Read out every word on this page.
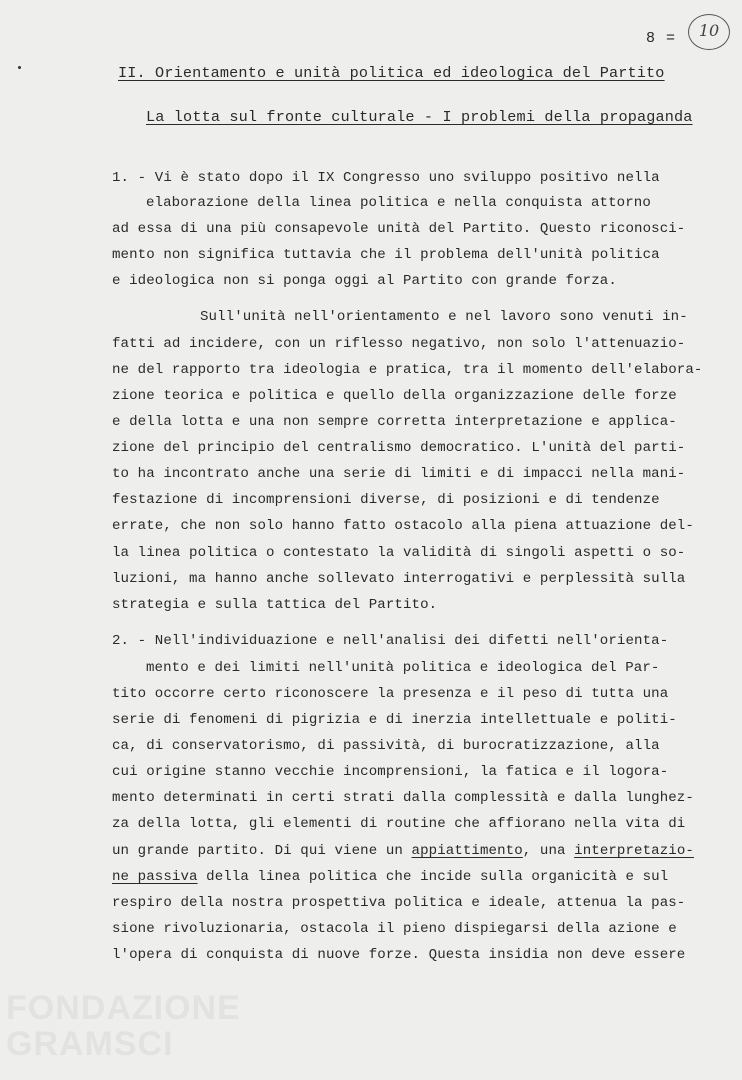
8 =	10
II. Orientamento e unità politica ed ideologica del Partito
La lotta sul fronte culturale - I problemi della propaganda
1. - Vi è stato dopo il IX Congresso uno sviluppo positivo nella
elaborazione della linea politica e nella conquista attorno
ad essa di una più consapevole unità del Partito. Questo riconosci-
mento non significa tuttavia che il problema dell'unità politica
e ideologica non si ponga oggi al Partito con grande forza.
Sull'unità nell'orientamento e nel lavoro sono venuti in-
fatti ad incidere, con un riflesso negativo, non solo l'attenuazio-
ne del rapporto tra ideologia e pratica, tra il momento dell'elabora-
zione teorica e politica e quello della organizzazione delle forze
e della lotta e una non sempre corretta interpretazione e applica-
zione del principio del centralismo democratico. L'unità del parti-
to ha incontrato anche una serie di limiti e di impacci nella mani-
festazione di incomprensioni diverse, di posizioni e di tendenze
errate, che non solo hanno fatto ostacolo alla piena attuazione del-
la linea politica o contestato la validità di singoli aspetti o so-
luzioni, ma hanno anche sollevato interrogativi e perplessità sulla
strategia e sulla tattica del Partito.
2. - Nell'individuazione e nell'analisi dei difetti nell'orienta-
mento e dei limiti nell'unità politica e ideologica del Par-
tito occorre certo riconoscere la presenza e il peso di tutta una
serie di fenomeni di pigrizia e di inerzia intellettuale e politi-
ca, di conservatorismo, di passività, di burocratizzazione, alla
cui origine stanno vecchie incomprensioni, la fatica e il logora-
mento determinati in certi strati dalla complessità e dalla lunghez-
za della lotta, gli elementi di routine che affiorano nella vita di
un grande partito. Di qui viene un appiattimento, una interpretazio-
ne passiva della linea politica che incide sulla organicità e sul
respiro della nostra prospettiva politica e ideale, attenua la pas-
sione rivoluzionaria, ostacola il pieno dispiegarsi della azione e
l'opera di conquista di nuove forze. Questa insidia non deve essere
FONDAZIONE
GRAMSCI
